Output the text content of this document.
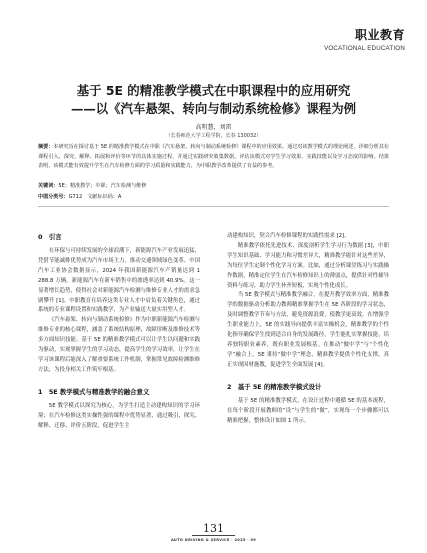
职业教育
VOCATIONAL EDUCATION
基于 5E 的精准教学模式在中职课程中的应用研究
——以《汽车悬架、转向与制动系统检修》课程为例
高明慧，刘雷
（长春师范大学工程学院，长春 130032）
摘要：本研究旨在探讨基于 5E 的精准教学模式在中职《汽车悬架、转向与制动系统检修》课程中的应用效果。通过对该教学模式的理论阐述，详细分析其在课程引入、探究、解释、拓展和评价等环节的具体实施过程，并通过实践研究收集数据。评估该模式对学生学习效果、实践技能以及学习态度的影响。结果表明，该模式能有效提升学生在汽车检修方面的学习质量和实践能力，为中职教学改革提供了有益的参考。
关键词：5E；精准教学；中职；汽车检测与维修
中图分类号：G712　文献标识码：A
0　引言

在环保与可持续发展的全球浪潮下，新能源汽车产业发展迅猛，凭借节能减排优势成为汽车市场主力，推动交通领域绿色变革。中国汽车工业协会数据显示，2024 年我国新能源汽车产销量达到 1 288.8 万辆，新能源汽车在新车销售中的渗透率达到 40.9%。这一显著增长趋势，使得社会对新能源汽车检测与维修专业人才的需求急剧攀升 [1]。中职教育在培养这类专业人才中肩负着关键角色，通过系统的专业课程设置和实践教学，为产业输送大量实用型人才。

《汽车悬架、转向与制动系统检修》作为中职新能源汽车检测与维修专业的核心课程，涵盖了系统结构原理、故障诊断及维修技术等多方面知识技能。基于 5E 的精准教学模式可以让学生以问题和实践为驱动，实现掌握学生的学习动态，提高学生的学习效率，让学生在学习该课程后能深入了解重要系统工作机制，掌握常见故障检测维修方法，为投身相关工作筑牢根基。

1　5E 教学模式与精准教学的融合意义

5E 教学模式以探究为核心，为学生打造主动建构知识的学习环境；在汽车检修这类实操性强的课程中优势显著，通过吸引、探究、解释、迁移、评价五阶段，促进学生主

动建构知识，契合汽车检修课程的实践性需求 [2]。

精准教学依托先进技术，深度剖析学生学习行为数据 [3]，中职学生知识基础、学习能力和习惯差异大，精准教学能针对这些差异，为每位学生定制个性化学习方案。比如，通过分析课堂练习与实践操作数据，精准定位学生在汽车检修知识上的薄弱点，提供针对性辅导资料与练习，助力学生补齐短板，实现个性化成长。

当 5E 教学模式与精准教学融合，在提升教学效率方面，精准教学的数据驱动分析助力教师精准掌握学生在 5E 各阶段的学习状态，及时调整教学节奏与方法，避免资源浪费，使教学更高效。在增强学生职业能力上，5E 的实践导向提供丰富实操机会，精准教学的个性化指导确保学生找到适合自身的发展路径，学生能扎实掌握技能，培养独特职业素养，既有职业发展根基。在推动“做中学”与“个性化学”融合上，5E 秉持“做中学”理念，精准教学提供个性化支撑，真正实现因材施教，促进学生全面发展 [4]。

2　基于 5E 的精准教学模式设计

基于 5E 的精准教学模式，在设计过程中遵循 5E 的基本流程，在每个阶段开展教师的“设”与学生的“做”，实现每一个步骤都可以精准把握，整体设计如图 1 所示。

131
AUTO DRIVING & SERVICE · 2025 · 09
